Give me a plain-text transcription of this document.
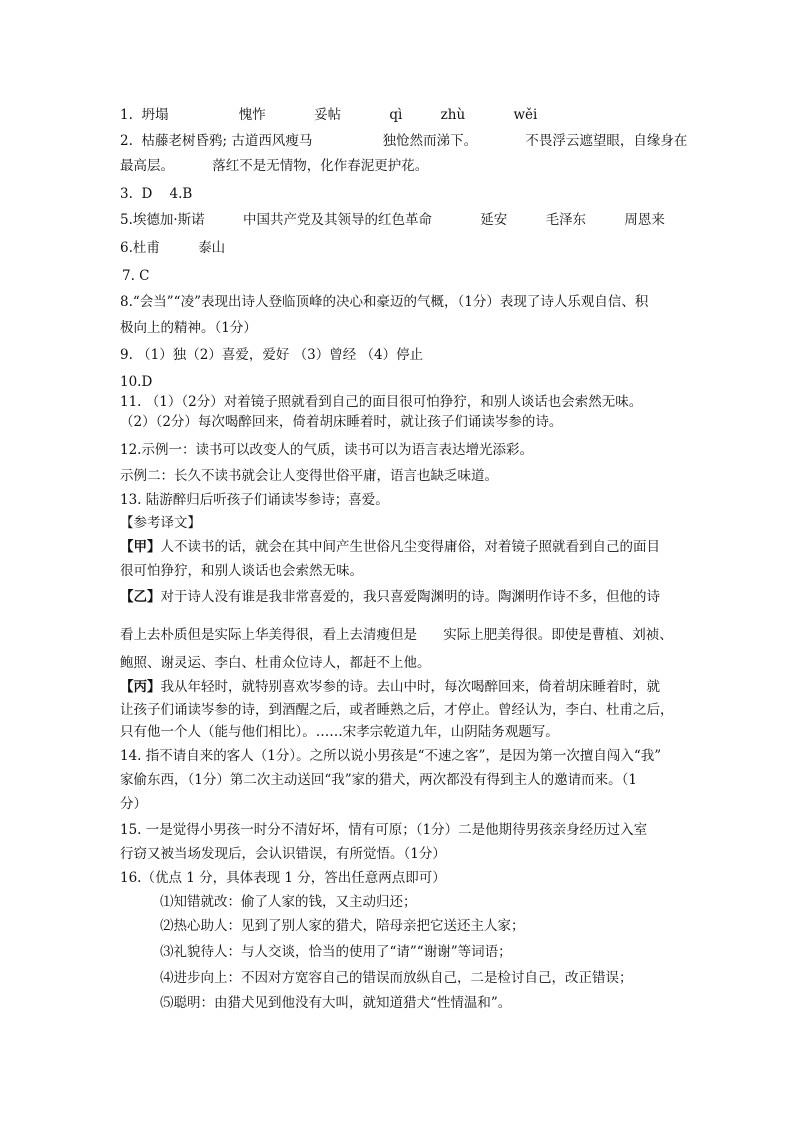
1. 坍塌	愧怍	妥帖	qì	zhù	wěi
2. 枯藤老树昏鸦; 古道西风瘦马	独怆然而涕下。	不畏浮云遮望眼，自缘身在
最高层。	落红不是无情物，化作春泥更护花。
3. D 4.B
5.埃德加·斯诺	中国共产党及其领导的红色革命	延安	毛泽东	周恩来
6.杜甫	泰山
7. C
8.“会当”“凌”表现出诗人登临顶峰的决心和豪迈的气概，（1分）表现了诗人乐观自信、积
极向上的精神。（1分）
9. （1）独（2）喜爱，爱好 （3）曾经 （4）停止
10.D
11. （1）（2分）对着镜子照就看到自己的面目很可怕狰狞，和别人谈话也会索然无味。
（2）（2分）每次喝醉回来，倚着胡床睡着时，就让孩子们诵读岑参的诗。
12.示例一：读书可以改变人的气质，读书可以为语言表达增光添彩。
示例二：长久不读书就会让人变得世俗平庸，语言也缺乏味道。
13. 陆游醉归后听孩子们诵读岑参诗；喜爱。
【参考译文】
【甲】人不读书的话，就会在其中间产生世俗凡尘变得庸俗，对着镜子照就看到自己的面目
很可怕狰狞，和别人谈话也会索然无味。
【乙】对于诗人没有谁是我非常喜爱的，我只喜爱陶渊明的诗。陶渊明作诗不多，但他的诗
看上去朴质但是实际上华美得很，看上去清瘦但是 实际上肥美得很。即使是曹植、刘祯、
鲍照、谢灵运、李白、杜甫众位诗人，都赶不上他。
【丙】我从年轻时，就特别喜欢岑参的诗。去山中时，每次喝醉回来，倚着胡床睡着时，就
让孩子们诵读岑参的诗，到酒醒之后，或者睡熟之后，才停止。曾经认为，李白、杜甫之后，
只有他一个人（能与他们相比）。……宋孝宗乾道九年，山阴陆务观题写。
14. 指不请自来的客人（1分）。之所以说小男孩是“不速之客”，是因为第一次擅自闯入“我”
家偷东西，（1分）第二次主动送回“我”家的猎犬，两次都没有得到主人的邀请而来。（1
分）
15. 一是觉得小男孩一时分不清好坏，情有可原；（1分）二是他期待男孩亲身经历过入室
行窃又被当场发现后，会认识错误，有所觉悟。（1分）
16.（优点 1 分，具体表现 1 分，答出任意两点即可）
⑴知错就改：偷了人家的钱，又主动归还；
⑵热心助人：见到了别人家的猎犬，陪母亲把它送还主人家；
⑶礼貌待人：与人交谈，恰当的使用了“请”“谢谢”等词语；
⑷进步向上：不因对方宽容自己的错误而放纵自己，二是检讨自己，改正错误；
⑸聪明：由猎犬见到他没有大叫，就知道猎犬“性情温和”。
